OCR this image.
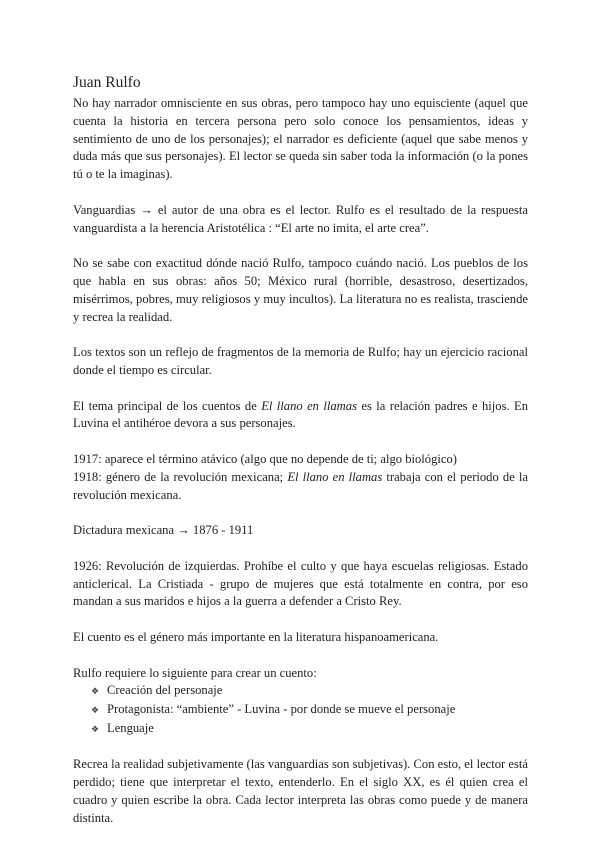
Juan Rulfo

No hay narrador omnisciente en sus obras, pero tampoco hay uno equisciente (aquel que cuenta la historia en tercera persona pero solo conoce los pensamientos, ideas y sentimiento de uno de los personajes); el narrador es deficiente (aquel que sabe menos y duda más que sus personajes). El lector se queda sin saber toda la información (o la pones tú o te la imaginas).

Vanguardias → el autor de una obra es el lector. Rulfo es el resultado de la respuesta vanguardista a la herencia Aristotélica : “El arte no imita, el arte crea”.

No se sabe con exactitud dónde nació Rulfo, tampoco cuándo nació. Los pueblos de los que habla en sus obras: años 50; México rural (horrible, desastroso, desertizados, misérrimos, pobres, muy religiosos y muy incultos). La literatura no es realista, trasciende y recrea la realidad.

Los textos son un reflejo de fragmentos de la memoria de Rulfo; hay un ejercicio racional donde el tiempo es circular.

El tema principal de los cuentos de El llano en llamas es la relación padres e hijos. En Luvina el antihéroe devora a sus personajes.

1917: aparece el término atávico (algo que no depende de ti; algo biológico)

1918: género de la revolución mexicana; El llano en llamas trabaja con el periodo de la revolución mexicana.

Dictadura mexicana → 1876 - 1911

1926: Revolución de izquierdas. Prohíbe el culto y que haya escuelas religiosas. Estado anticlerical. La Cristiada - grupo de mujeres que está totalmente en contra, por eso mandan a sus maridos e hijos a la guerra a defender a Cristo Rey.

El cuento es el género más importante en la literatura hispanoamericana.

Rulfo requiere lo siguiente para crear un cuento:

❖ Creación del personaje
❖ Protagonista: “ambiente” - Luvina - por donde se mueve el personaje
❖ Lenguaje

Recrea la realidad subjetivamente (las vanguardias son subjetivas). Con esto, el lector está perdido; tiene que interpretar el texto, entenderlo. En el siglo XX, es él quien crea el cuadro y quien escribe la obra. Cada lector interpreta las obras como puede y de manera distinta.
